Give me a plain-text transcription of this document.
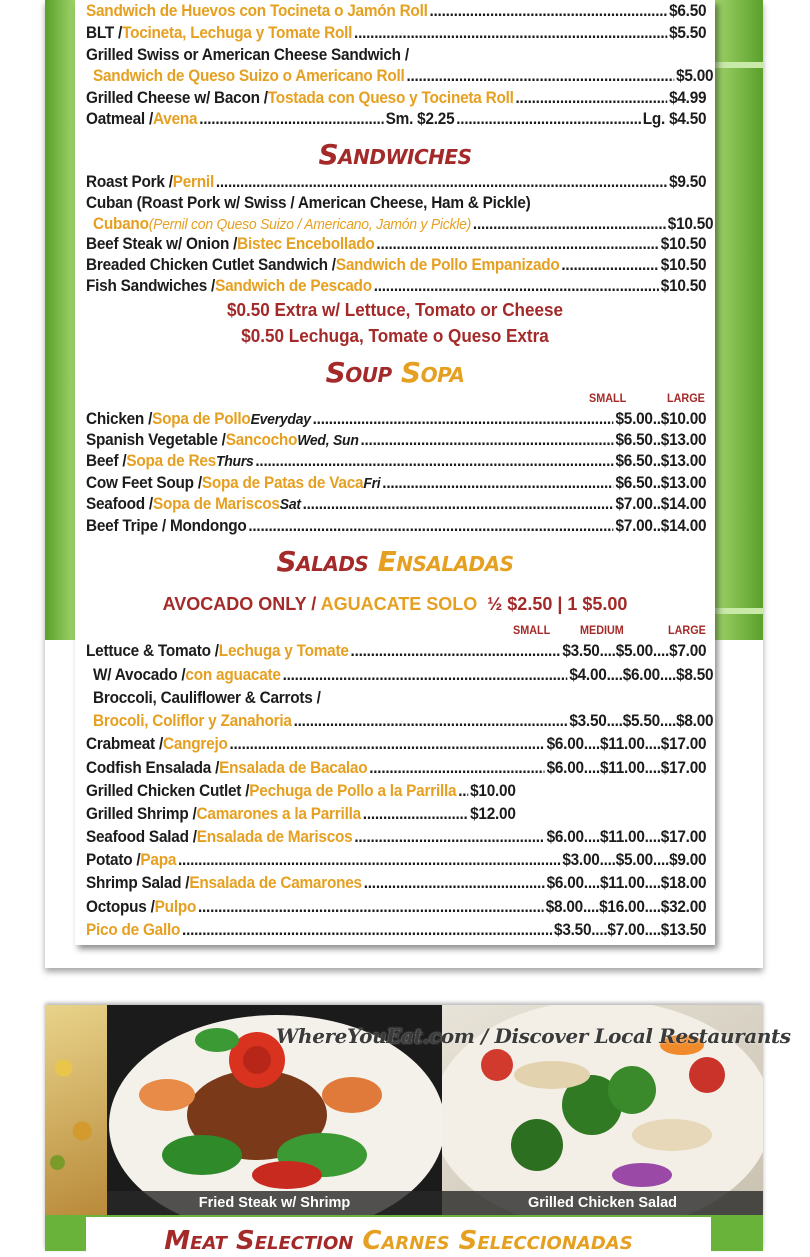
Sandwich de Huevos con Tocineta o Jamón Roll .....	$6.50
BLT / Tocineta, Lechuga y Tomate Roll .....	$5.50
Grilled Swiss or American Cheese Sandwich /
Sandwich de Queso Suizo o Americano Roll .....	$5.00
Grilled Cheese w/ Bacon / Tostada con Queso y Tocineta Roll .....	$4.99
Oatmeal / Avena .....	Sm. $2.25 .....	Lg. $4.50
Roast Pork / Pernil .....	$9.50
Cuban (Roast Pork w/ Swiss / American Cheese, Ham & Pickle)
Cubano (Pernil con Queso Suizo / Americano, Jamón y Pickle) .....	$10.50
Beef Steak w/ Onion / Bistec Encebollado .....	$10.50
Breaded Chicken Cutlet Sandwich / Sandwich de Pollo Empanizado .....	$10.50
Fish Sandwiches / Sandwich de Pescado .....	$10.50
Chicken / Sopa de Pollo Everyday .....	$5.00 .. $10.00
Spanish Vegetable / Sancocho Wed, Sun .....	$6.50 .. $13.00
Beef / Sopa de Res Thurs .....	$6.50 .. $13.00
Cow Feet Soup / Sopa de Patas de Vaca Fri .....	$6.50 .. $13.00
Seafood / Sopa de Mariscos Sat .....	$7.00 .. $14.00
Beef Tripe / Mondongo .....	$7.00 .. $14.00
Lettuce & Tomato / Lechuga y Tomate .....	$3.50 .... $5.00 .... $7.00
W/ Avocado / con aguacate .....	$4.00 .... $6.00 .... $8.50
Broccoli, Cauliflower & Carrots /
Brocoli, Coliflor y Zanahoria .....	$3.50 .... $5.50 .... $8.00
Crabmeat / Cangrejo .....	$6.00 .... $11.00 .... $17.00
Codfish Ensalada / Ensalada de Bacalao .....	$6.00 .... $11.00 .... $17.00
Grilled Chicken Cutlet / Pechuga de Pollo a la Parrilla ..... $10.00
Grilled Shrimp / Camarones a la Parrilla .....	$12.00
Seafood Salad / Ensalada de Mariscos .....	$6.00 .... $11.00 .... $17.00
Potato / Papa .....	$3.00 .... $5.00 .... $9.00
Shrimp Salad / Ensalada de Camarones .....	$6.00 .... $11.00 .... $18.00
Octopus / Pulpo .....	$8.00 .... $16.00 .... $32.00
Pico de Gallo .....	$3.50 .... $7.00 .... $13.50
Sandwiches
$0.50 Extra w/ Lettuce, Tomato or Cheese
$0.50 Lechuga, Tomate o Queso Extra
Soup Sopa
SMALL	LARGE
Salads Ensaladas
AVOCADO ONLY / AGUACATE SOLO ½ $2.50 | 1 $5.00
SMALL MEDIUM	LARGE
Fried Steak w/ Shrimp	Grilled Chicken Salad
WhereYouEat.com / Discover Local Restaurants
Meat Selection Carnes Seleccionadas
